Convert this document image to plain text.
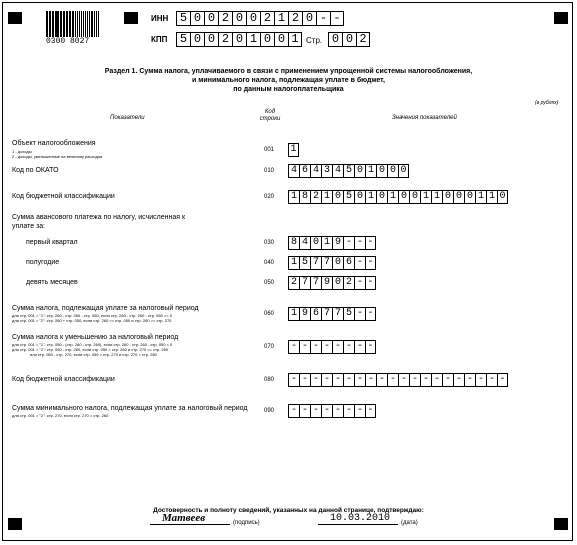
0300 8027
ИНН 5 0 0 2 0 0 2 1 2 0 - -
КПП	5 0 0 2 0 1 0 0 1 Стр. 0 0 2
Раздел 1. Сумма налога, уплачиваемого в связи с применением упрощенной системы налогообложения,
и минимального налога, подлежащая уплате в бюджет,
по данным налогоплательщика
(в рублях)
Показатели
Код
строки	Значения показателей
Объект налогообложения
1 - доходы
2 - доходы, уменьшенные на величину расходов
001	1
Код по ОКАТО	010	4 6 4 3 4 5 0 1 0 0 0
Код бюджетной классификации	020	1 8 2 1 0 5 0 1 0 1 0 0 1 1 0 0 0 1 1 0
Сумма авансового платежа по налогу, исчисленная к
уплате за:
первый квартал	030	8 4 0 1 9 - - -
полугодие	040	1 5 7 7 0 6 - -
девять месяцев	050	2 7 7 9 0 2 - -
Сумма налога, подлежащая уплате за налоговый период
для стр. 001 = "1": стр. 260 - стр. 260 - стр. 050, если стр. 260 - стр. 260 - стр. 050 >= 0
для стр. 001 = "2": стр. 260 + стр. 050, если стр. 260 >= стр. 050 и стр. 260 >= стр. 270
060	1 9 6 7 7 5 - -
Сумма налога к уменьшению за налоговый период
для стр. 001 = "1": стр. 050 - (стр. 260 - стр. 260), если стр. 260 - стр. 260 - стр. 050 < 0
для стр. 001 = "2": стр. 050 - стр. 260, если стр. 050 > стр. 260 и стр. 270 <= стр. 260
или стр. 050 - стр. 270, если стр. 050 > стр. 270 и стр. 270 > стр. 260
070	- - - - - - - -
Код бюджетной классификации	080	- - - - - - - - - - - - - - - - - - - -
Сумма минимального налога, подлежащая уплате за налоговый период
для стр. 001 = "2": стр. 270, если стр. 270 > стр. 260
090	- - - - - - - -
Достоверность и полноту сведений, указанных на данной странице, подтверждаю:
Матвеев	(подпись)	10.03.2010 (дата)
